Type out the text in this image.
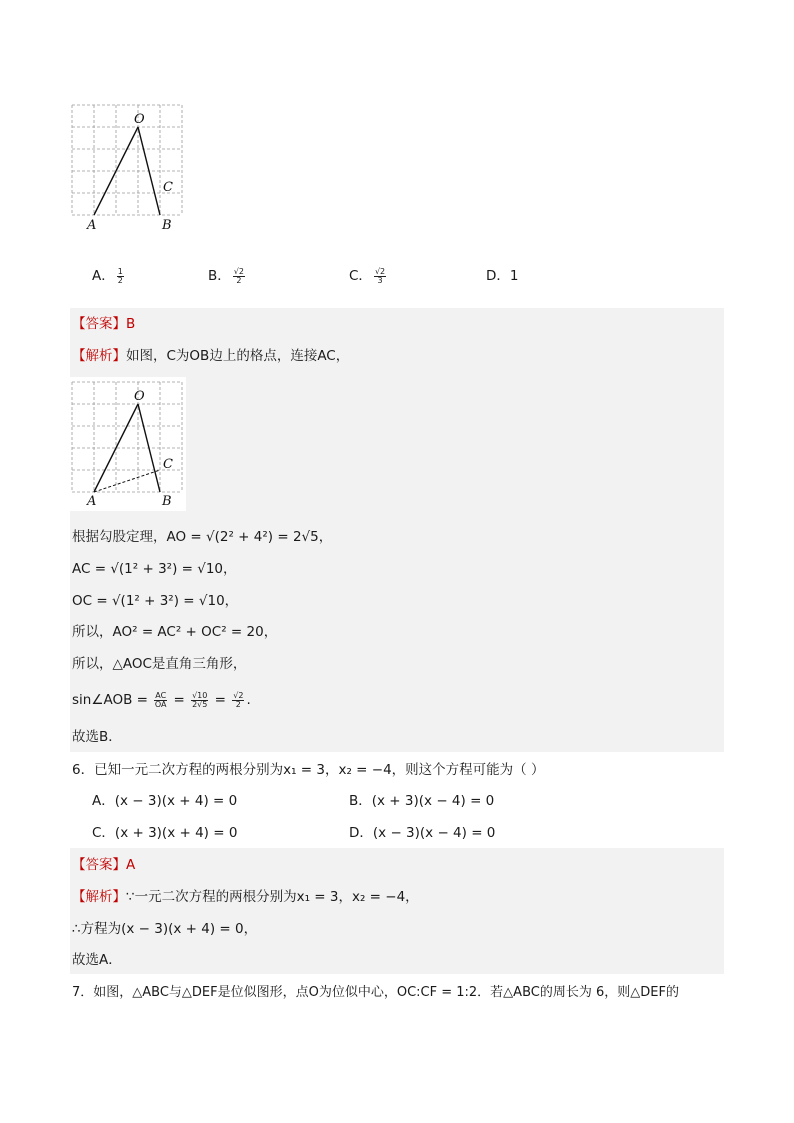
O
A	B
C
A． $\frac{1}{2}$	B． $\frac{√2}{2}$	C． $\frac{√2}{3}$	D．1
【答案】B
【解析】如图，C为OB边上的格点，连接AC，
O
A	B
C
根据勾股定理，AO = √(2² + 4²) = 2√5，
AC = √(1² + 3²) = √10，
OC = √(1² + 3²) = √10，
所以，AO² = AC² + OC² = 20，
所以，△AOC是直角三角形，
sin∠AOB = $\frac{AC}{OA} = \frac{√10}{2√5} = \frac{√2}{2}$ .
故选B．
6．已知一元二次方程的两根分别为x₁ = 3，x₂ = −4，则这个方程可能为（ ）
A．(x − 3)(x + 4) = 0	B．(x + 3)(x − 4) = 0
C．(x + 3)(x + 4) = 0	D．(x − 3)(x − 4) = 0
【答案】A
【解析】∵一元二次方程的两根分别为x₁ = 3，x₂ = −4，
∴方程为(x − 3)(x + 4) = 0，
故选A．
7．如图，△ABC与△DEF是位似图形，点O为位似中心，OC:CF = 1:2．若△ABC的周长为 6，则△DEF的
